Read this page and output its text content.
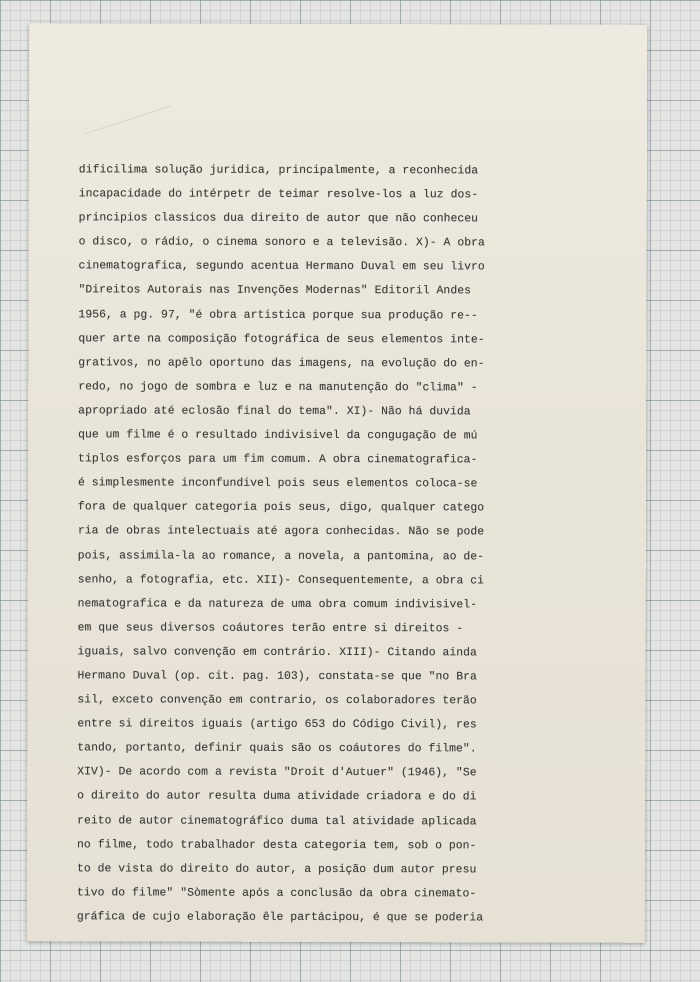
dificilima solução juridica, principalmente, a reconhecida
incapacidade do intérpetr de teimar resolve-los a luz dos-
principios classicos dua direito de autor que não conheceu
o disco, o rádio, o cinema sonoro e a televisão. X)- A obra
cinematografica, segundo acentua Hermano Duval em seu livro
"Direitos Autorais nas Invenções Modernas" Editoril Andes
1956, a pg. 97, "é obra artistica porque sua produção re--
quer arte na composição fotográfica de seus elementos inte-
grativos, no apêlo oportuno das imagens, na evolução do en-
redo, no jogo de sombra e luz e na manutenção do "clima" -
apropriado até eclosão final do tema". XI)- Não há duvida
que um filme é o resultado indivisivel da congugação de mú
tiplos esforços para um fim comum. A obra cinematografica-
é simplesmente inconfundivel pois seus elementos coloca-se
fora de qualquer categoria pois seus, digo, qualquer catego
ria de obras intelectuais até agora conhecidas. Não se pode
pois, assimila-la ao romance, a novela, a pantomina, ao de-
senho, a fotografia, etc. XII)- Consequentemente, a obra ci
nematografica e da natureza de uma obra comum indivisivel-
em que seus diversos coáutores terão entre si direitos -
iguais, salvo convenção em contrário. XIII)- Citando ainda
Hermano Duval (op. cit. pag. 103), constata-se que "no Bra
sil, exceto convenção em contrario, os colaboradores terão
entre si direitos iguais (artigo 653 do Código Civil), res
tando, portanto, definir quais são os coáutores do filme".
XIV)- De acordo com a revista "Droit d'Autuer" (1946), "Se
o direito do autor resulta duma atividade criadora e do di
reito de autor cinematográfico duma tal atividade aplicada
no filme, todo trabalhador desta categoria tem, sob o pon-
to de vista do direito do autor, a posição dum autor presu
tivo do filme" "Sòmente após a conclusão da obra cinemato-
gráfica de cujo elaboração êle partácipou, é que se poderia
